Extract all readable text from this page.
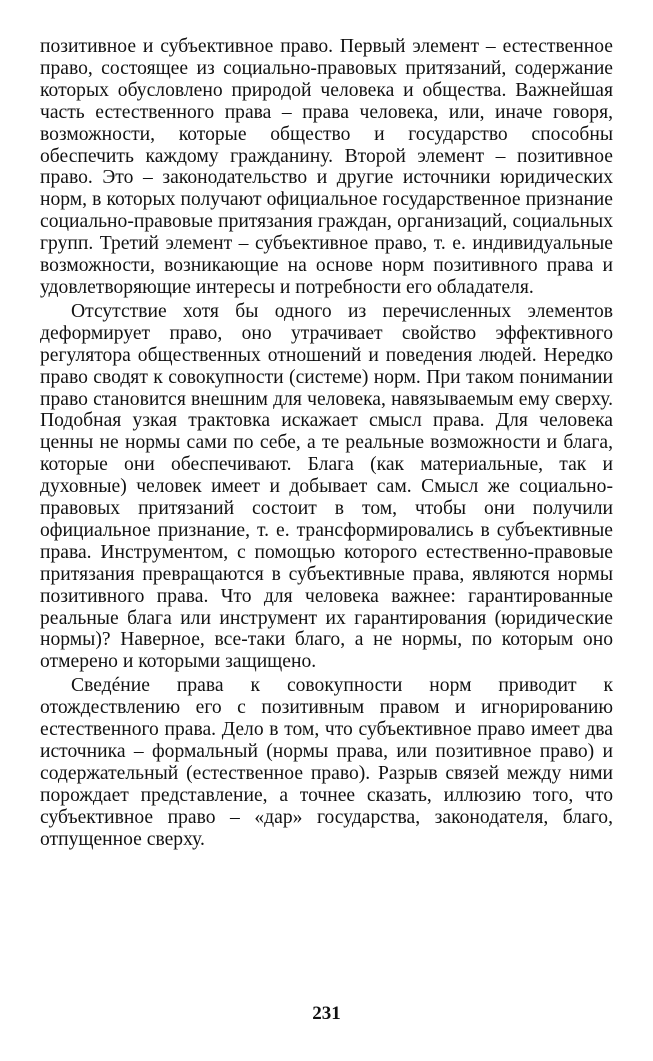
позитивное и субъективное право. Первый элемент – естественное право, состоящее из социально-правовых притязаний, содержание которых обусловлено природой человека и общества. Важнейшая часть естественного права – права человека, или, иначе говоря, возможности, которые общество и государство способны обеспечить каждому гражданину. Второй элемент – позитивное право. Это – законодательство и другие источники юридических норм, в которых получают официальное государственное признание социально-правовые притязания граждан, организаций, социальных групп. Третий элемент – субъективное право, т. е. индивидуальные возможности, возникающие на основе норм позитивного права и удовлетворяющие интересы и потребности его обладателя.

Отсутствие хотя бы одного из перечисленных элементов деформирует право, оно утрачивает свойство эффективного регулятора общественных отношений и поведения людей. Нередко право сводят к совокупности (системе) норм. При таком понимании право становится внешним для человека, навязываемым ему сверху. Подобная узкая трактовка искажает смысл права. Для человека ценны не нормы сами по себе, а те реальные возможности и блага, которые они обеспечивают. Блага (как материальные, так и духовные) человек имеет и добывает сам. Смысл же социально-правовых притязаний состоит в том, чтобы они получили официальное признание, т. е. трансформировались в субъективные права. Инструментом, с помощью которого естественно-правовые притязания превращаются в субъективные права, являются нормы позитивного права. Что для человека важнее: гарантированные реальные блага или инструмент их гарантирования (юридические нормы)? Наверное, все-таки благо, а не нормы, по которым оно отмерено и которыми защищено.

Сведéние права к совокупности норм приводит к отождествлению его с позитивным правом и игнорированию естественного права. Дело в том, что субъективное право имеет два источника – формальный (нормы права, или позитивное право) и содержательный (естественное право). Разрыв связей между ними порождает представление, а точнее сказать, иллюзию того, что субъективное право – «дар» государства, законодателя, благо, отпущенное сверху.

231
